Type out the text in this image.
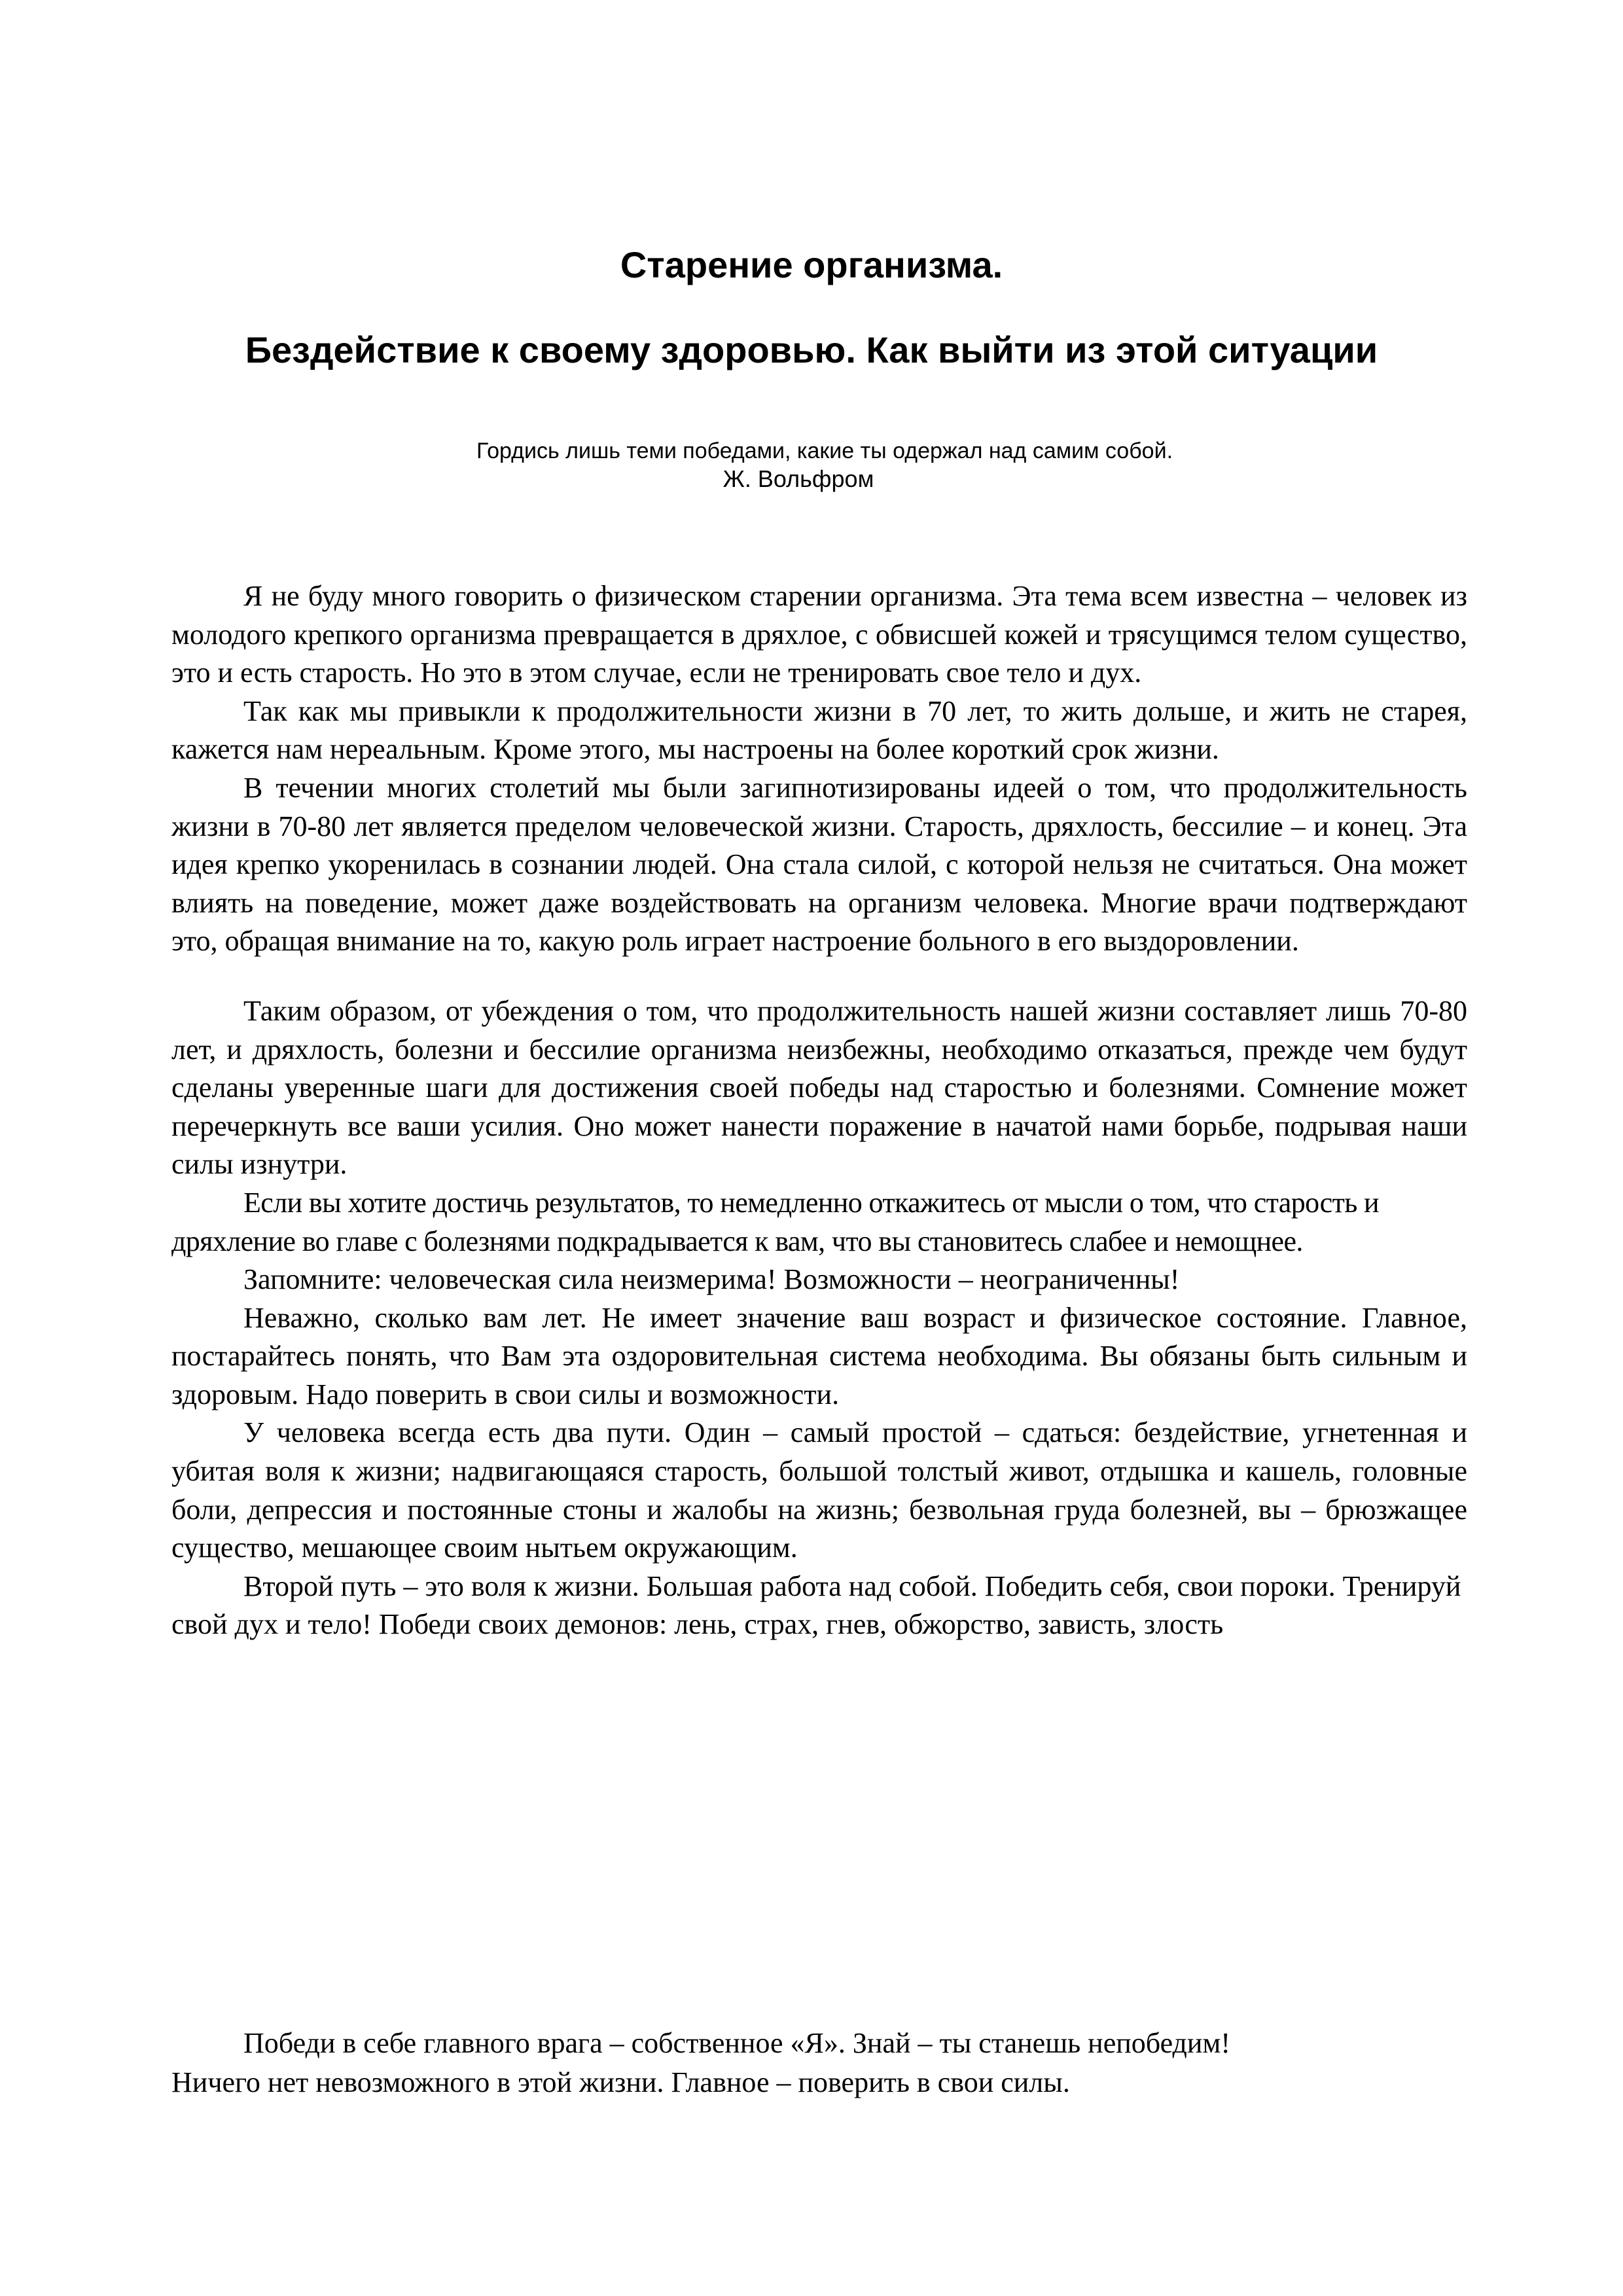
Старение организма.
Бездействие к своему здоровью. Как выйти из этой ситуации
Гордись лишь теми победами, какие ты одержал над самим собой.
Ж. Вольфром

Я не буду много говорить о физическом старении организма. Эта тема всем известна – человек из молодого крепкого организма превращается в дряхлое, с обвисшей кожей и трясущимся телом существо, это и есть старость. Но это в этом случае, если не тренировать свое тело и дух.

Так как мы привыкли к продолжительности жизни в 70 лет, то жить дольше, и жить не старея, кажется нам нереальным. Кроме этого, мы настроены на более короткий срок жизни.

В течении многих столетий мы были загипнотизированы идеей о том, что продолжительность жизни в 70-80 лет является пределом человеческой жизни. Старость, дряхлость, бессилие – и конец. Эта идея крепко укоренилась в сознании людей. Она стала силой, с которой нельзя не считаться. Она может влиять на поведение, может даже воздействовать на организм человека. Многие врачи подтверждают это, обращая внимание на то, какую роль играет настроение больного в его выздоровлении.

Таким образом, от убеждения о том, что продолжительность нашей жизни составляет лишь 70-80 лет, и дряхлость, болезни и бессилие организма неизбежны, необходимо отказаться, прежде чем будут сделаны уверенные шаги для достижения своей победы над старостью и болезнями. Сомнение может перечеркнуть все ваши усилия. Оно может нанести поражение в начатой нами борьбе, подрывая наши силы изнутри.

Если вы хотите достичь результатов, то немедленно откажитесь от мысли о том, что старость и дряхление во главе с болезнями подкрадывается к вам, что вы становитесь слабее и немощнее.

Запомните: человеческая сила неизмерима! Возможности – неограниченны!

Неважно, сколько вам лет. Не имеет значение ваш возраст и физическое состояние. Главное, постарайтесь понять, что Вам эта оздоровительная система необходима. Вы обязаны быть сильным и здоровым. Надо поверить в свои силы и возможности.

У человека всегда есть два пути. Один – самый простой – сдаться: бездействие, угнетенная и убитая воля к жизни; надвигающаяся старость, большой толстый живот, отдышка и кашель, головные боли, депрессия и постоянные стоны и жалобы на жизнь; безвольная груда болезней, вы – брюзжащее существо, мешающее своим нытьем окружающим.

Второй путь – это воля к жизни. Большая работа над собой. Победить себя, свои пороки. Тренируй свой дух и тело! Победи своих демонов: лень, страх, гнев, обжорство, зависть, злость

Победи в себе главного врага – собственное «Я». Знай – ты станешь непобедим!

Ничего нет невозможного в этой жизни. Главное – поверить в свои силы.
